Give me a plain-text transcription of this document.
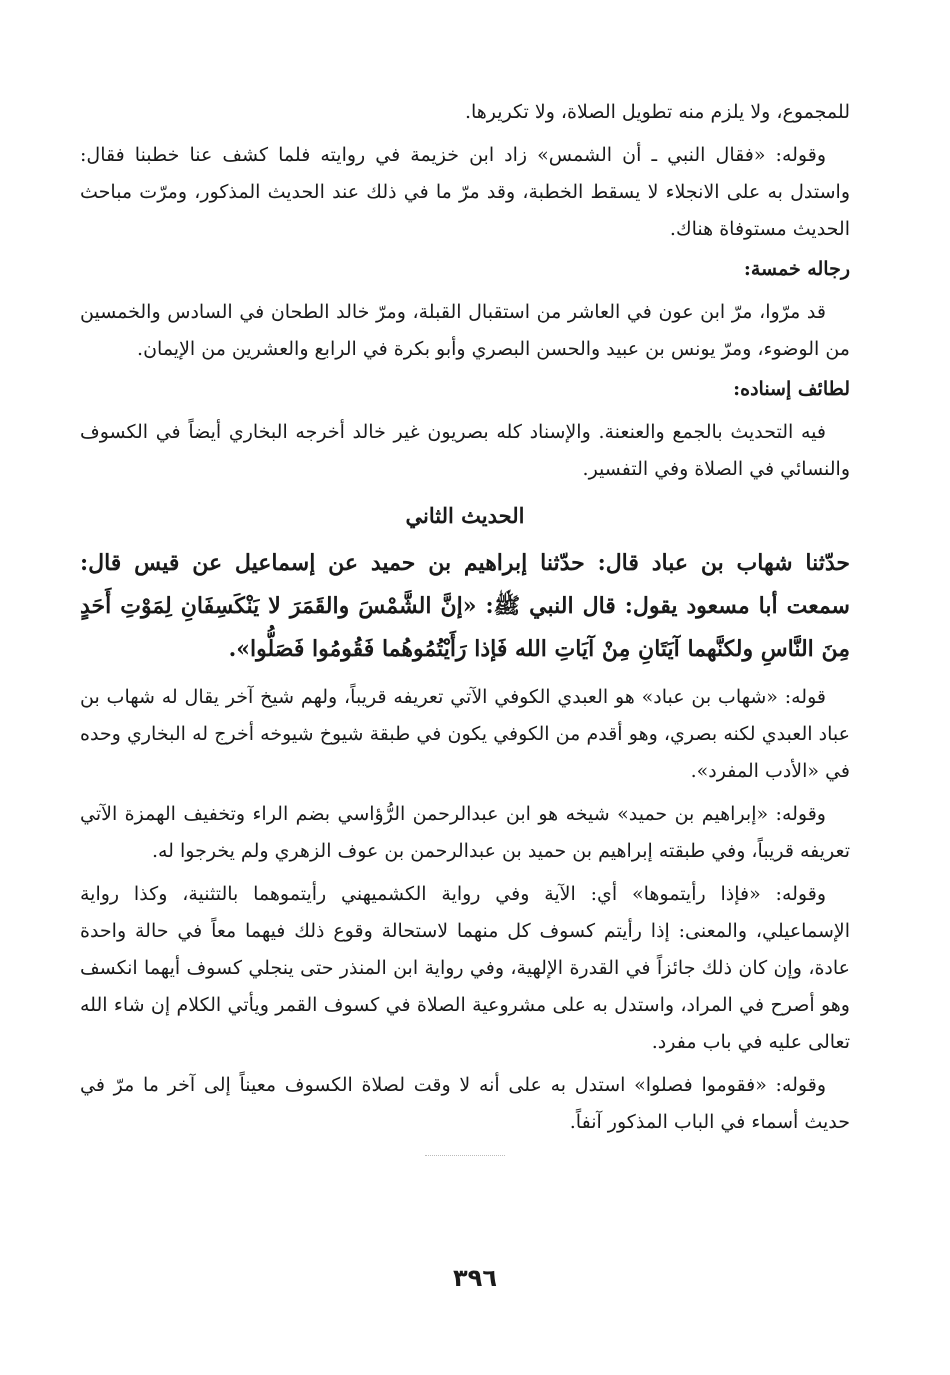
للمجموع، ولا يلزم منه تطويل الصلاة، ولا تكريرها.

وقوله: «فقال النبي ـ أن الشمس» زاد ابن خزيمة في روايته فلما كشف عنا خطبنا فقال: واستدل به على الانجلاء لا يسقط الخطبة، وقد مرّ ما في ذلك عند الحديث المذكور، ومرّت مباحث الحديث مستوفاة هناك.

رجاله خمسة:

قد مرّوا، مرّ ابن عون في العاشر من استقبال القبلة، ومرّ خالد الطحان في السادس والخمسين من الوضوء، ومرّ يونس بن عبيد والحسن البصري وأبو بكرة في الرابع والعشرين من الإيمان.

لطائف إسناده:

فيه التحديث بالجمع والعنعنة. والإسناد كله بصريون غير خالد أخرجه البخاري أيضاً في الكسوف والنسائي في الصلاة وفي التفسير.

الحديث الثاني

حدّثنا شهاب بن عباد قال: حدّثنا إبراهيم بن حميد عن إسماعيل عن قيس قال: سمعت أبا مسعود يقول: قال النبي ﷺ: «إنَّ الشَّمْسَ والقَمَرَ لا يَنْكَسِفَانِ لِمَوْتِ أَحَدٍ مِنَ النَّاسِ ولكنَّهما آيَتَانِ مِنْ آيَاتِ الله فَإذا رَأَيْتُمُوهُما فَقُومُوا فَصَلُّوا».

قوله: «شهاب بن عباد» هو العبدي الكوفي الآتي تعريفه قريباً، ولهم شيخ آخر يقال له شهاب بن عباد العبدي لكنه بصري، وهو أقدم من الكوفي يكون في طبقة شيوخ شيوخه أخرج له البخاري وحده في «الأدب المفرد».

وقوله: «إبراهيم بن حميد» شيخه هو ابن عبدالرحمن الرُّؤاسي بضم الراء وتخفيف الهمزة الآتي تعريفه قريباً، وفي طبقته إبراهيم بن حميد بن عبدالرحمن بن عوف الزهري ولم يخرجوا له.

وقوله: «فإذا رأيتموها» أي: الآية وفي رواية الكشميهني رأيتموهما بالتثنية، وكذا رواية الإسماعيلي، والمعنى: إذا رأيتم كسوف كل منهما لاستحالة وقوع ذلك فيهما معاً في حالة واحدة عادة، وإن كان ذلك جائزاً في القدرة الإلهية، وفي رواية ابن المنذر حتى ينجلي كسوف أيهما انكسف وهو أصرح في المراد، واستدل به على مشروعية الصلاة في كسوف القمر ويأتي الكلام إن شاء الله تعالى عليه في باب مفرد.

وقوله: «فقوموا فصلوا» استدل به على أنه لا وقت لصلاة الكسوف معيناً إلى آخر ما مرّ في حديث أسماء في الباب المذكور آنفاً.

٣٩٦
